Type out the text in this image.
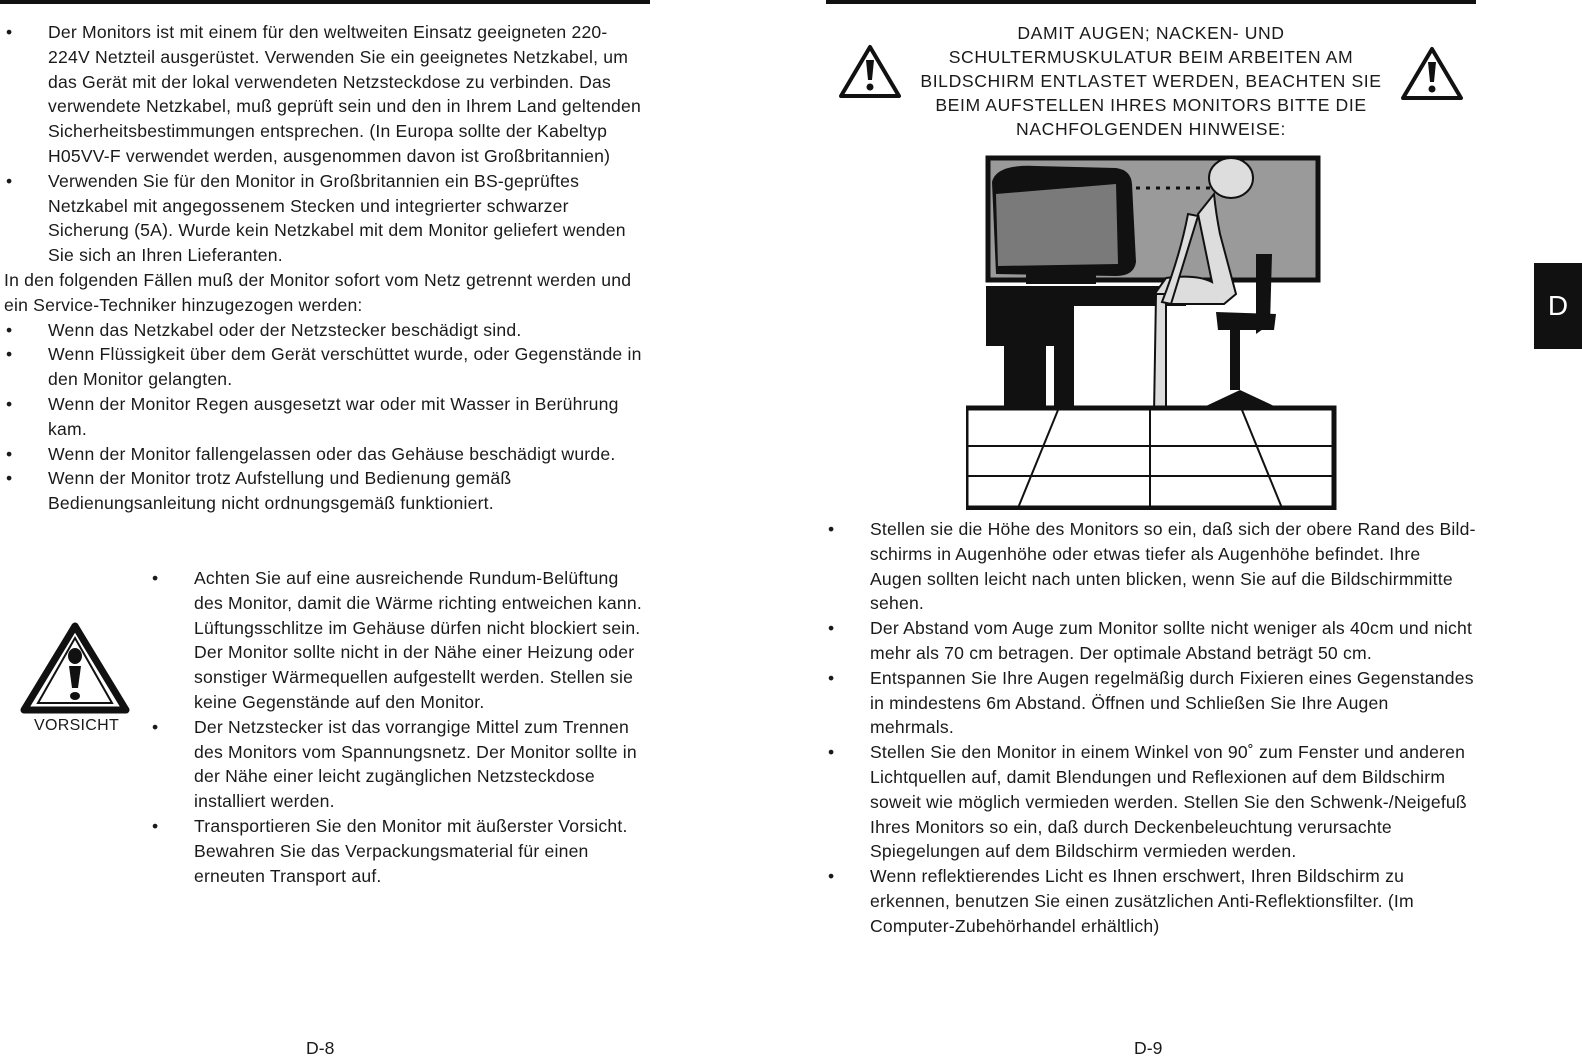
• Der Monitors ist mit einem für den weltweiten Einsatz geeigneten 220-224V Netzteil ausgerüstet. Verwenden Sie ein geeignetes Netzkabel, um das Gerät mit der lokal verwendeten Netzsteckdose zu verbinden. Das verwendete Netzkabel, muß geprüft sein und den in Ihrem Land geltenden Sicherheitsbestimmungen entsprechen. (In Europa sollte der Kabeltyp H05VV-F verwendet werden, ausgenommen davon ist Großbritannien)
• Verwenden Sie für den Monitor in Großbritannien ein BS-geprüftes Netzkabel mit angegossenem Stecken und integrierter schwarzer Sicherung (5A). Wurde kein Netzkabel mit dem Monitor geliefert wenden Sie sich an Ihren Lieferanten.

In den folgenden Fällen muß der Monitor sofort vom Netz getrennt werden und ein Service-Techniker hinzugezogen werden:

• Wenn das Netzkabel oder der Netzstecker beschädigt sind.
• Wenn Flüssigkeit über dem Gerät verschüttet wurde, oder Gegenstände in den Monitor gelangten.
• Wenn der Monitor Regen ausgesetzt war oder mit Wasser in Berührung kam.
• Wenn der Monitor fallengelassen oder das Gehäuse beschädigt wurde.
• Wenn der Monitor trotz Aufstellung und Bedienung gemäß Bedienungsanleitung nicht ordnungsgemäß funktioniert.
VORSICHT
• Achten Sie auf eine ausreichende Rundum-Belüftung des Monitor, damit die Wärme richting entweichen kann. Lüftungsschlitze im Gehäuse dürfen nicht blockiert sein. Der Monitor sollte nicht in der Nähe einer Heizung oder sonstiger Wärmequellen aufgestellt werden. Stellen sie keine Gegenstände auf den Monitor.
• Der Netzstecker ist das vorrangige Mittel zum Trennen des Monitors vom Spannungsnetz. Der Monitor sollte in der Nähe einer leicht zugänglichen Netzsteckdose installiert werden.
• Transportieren Sie den Monitor mit äußerster Vorsicht. Bewahren Sie das Verpackungsmaterial für einen erneuten Transport auf.
D-8
DAMIT AUGEN; NACKEN- UND SCHULTERMUSKULATUR BEIM ARBEITEN AM BILDSCHIRM ENTLASTET WERDEN, BEACHTEN SIE BEIM AUFSTELLEN IHRES MONITORS BITTE DIE NACHFOLGENDEN HINWEISE:
• Stellen sie die Höhe des Monitors so ein, daß sich der obere Rand des Bild-schirms in Augenhöhe oder etwas tiefer als Augenhöhe befindet. Ihre Augen sollten leicht nach unten blicken, wenn Sie auf die Bildschirmmitte sehen.
• Der Abstand vom Auge zum Monitor sollte nicht weniger als 40cm und nicht mehr als 70 cm betragen. Der optimale Abstand beträgt 50 cm.
• Entspannen Sie Ihre Augen regelmäßig durch Fixieren eines Gegenstandes in mindestens 6m Abstand. Öffnen und Schließen Sie Ihre Augen mehrmals.
• Stellen Sie den Monitor in einem Winkel von 90˚ zum Fenster und anderen Lichtquellen auf, damit Blendungen und Reflexionen auf dem Bildschirm soweit wie möglich vermieden werden. Stellen Sie den Schwenk-/Neigefuß Ihres Monitors so ein, daß durch Deckenbeleuchtung verursachte Spiegelungen auf dem Bildschirm vermieden werden.
• Wenn reflektierendes Licht es Ihnen erschwert, Ihren Bildschirm zu erkennen, benutzen Sie einen zusätzlichen Anti-Reflektionsfilter. (Im Computer-Zubehörhandel erhältlich)
D-9
D
